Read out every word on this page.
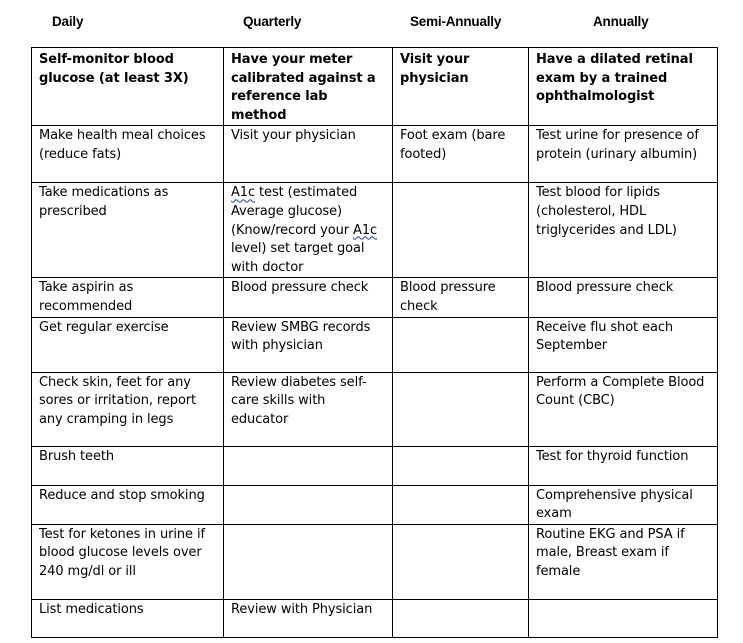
Daily	Quarterly	Semi-Annually	Annually
Self-monitor blood glucose (at least 3X)	Have your meter calibrated against a reference lab method	Visit your physician	Have a dilated retinal exam by a trained ophthalmologist
Make health meal choices (reduce fats)	Visit your physician	Foot exam (bare footed)	Test urine for presence of protein (urinary albumin)
Take medications as prescribed	A1c test (estimated Average glucose) (Know/record your A1c level) set target goal with doctor		Test blood for lipids (cholesterol, HDL triglycerides and LDL)
Take aspirin as recommended	Blood pressure check	Blood pressure check	Blood pressure check
Get regular exercise	Review SMBG records with physician		Receive flu shot each September
Check skin, feet for any sores or irritation, report any cramping in legs	Review diabetes self-care skills with educator		Perform a Complete Blood Count (CBC)
Brush teeth			Test for thyroid function
Reduce and stop smoking			Comprehensive physical exam
Test for ketones in urine if blood glucose levels over 240 mg/dl or ill			Routine EKG and PSA if male, Breast exam if female
List medications	Review with Physician		
